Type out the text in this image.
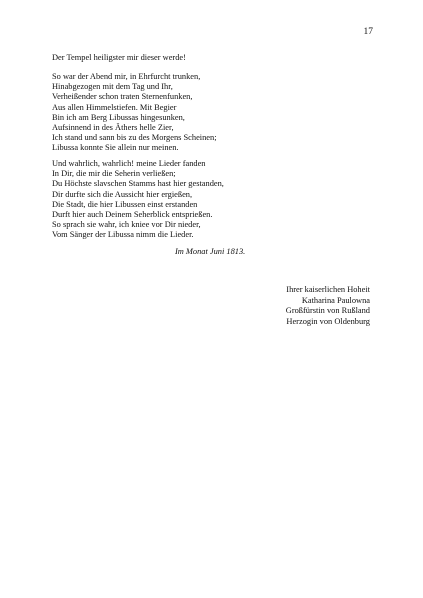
17
Der Tempel heiligster mir dieser werde!
So war der Abend mir, in Ehrfurcht trunken,
Hinabgezogen mit dem Tag und Ihr,
Verheißender schon traten Sternenfunken,
Aus allen Himmelstiefen. Mit Begier
Bin ich am Berg Libussas hingesunken,
Aufsinnend in des Äthers helle Zier,
Ich stand und sann bis zu des Morgens Scheinen;
Libussa konnte Sie allein nur meinen.
Und wahrlich, wahrlich! meine Lieder fanden
In Dir, die mir die Seherin verließen;
Du Höchste slavschen Stamms hast hier gestanden,
Dir durfte sich die Aussicht hier ergießen,
Die Stadt, die hier Libussen einst erstanden
Durft hier auch Deinem Seherblick entsprießen.
So sprach sie wahr, ich kniee vor Dir nieder,
Vom Sänger der Libussa nimm die Lieder.
Im Monat Juni 1813.
Ihrer kaiserlichen Hoheit
Katharina Paulowna
Großfürstin von Rußland
Herzogin von Oldenburg
